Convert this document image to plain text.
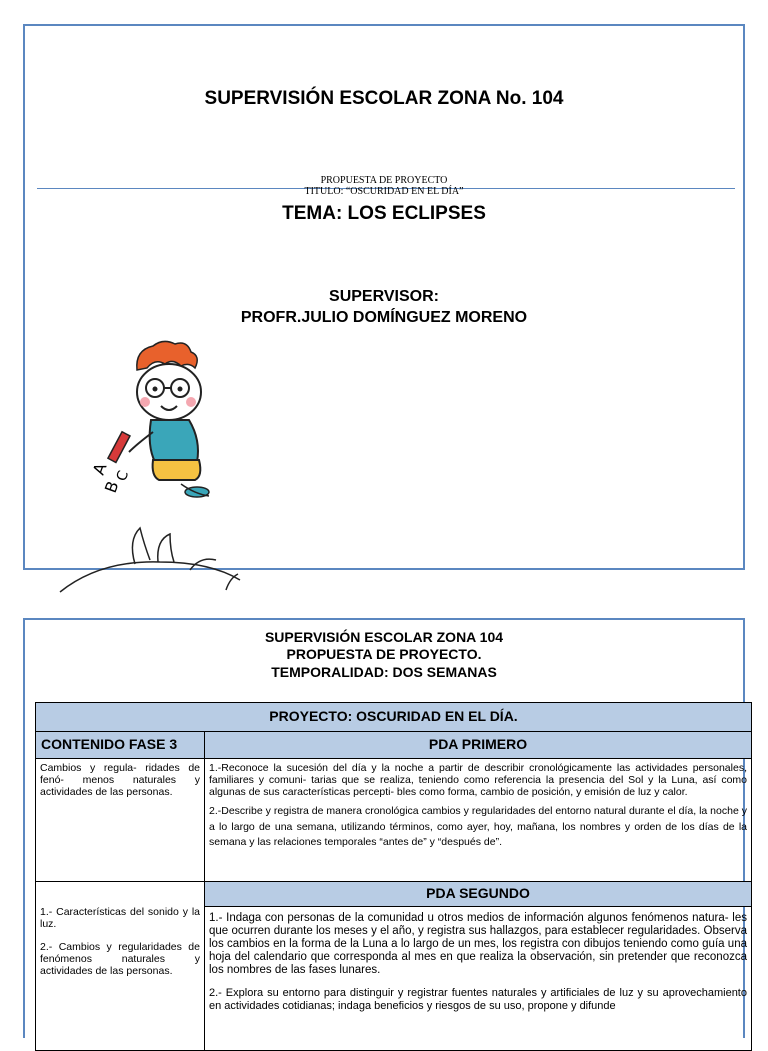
SUPERVISIÓN ESCOLAR ZONA No. 104
PROPUESTA DE PROYECTO
TITULO: “OSCURIDAD EN EL DÍA”
TEMA: LOS ECLIPSES
SUPERVISOR:
PROFR.JULIO DOMÍNGUEZ MORENO
A
B
C
SUPERVISIÓN ESCOLAR ZONA 104
PROPUESTA DE PROYECTO.
TEMPORALIDAD: DOS SEMANAS
PROYECTO: OSCURIDAD EN EL DÍA.
CONTENIDO FASE 3	PDA PRIMERO
Cambios y regula- ridades de fenó- menos naturales y actividades de las personas.
1.-Reconoce la sucesión del día y la noche a partir de describir cronológicamente las actividades personales, familiares y comuni- tarias que se realiza, teniendo como referencia la presencia del Sol y la Luna, así como algunas de sus características percepti- bles como forma, cambio de posición, y emisión de luz y calor.
2.-Describe y registra de manera cronológica cambios y regularidades del entorno natural durante el día, la noche y a lo largo de una semana, utilizando términos, como ayer, hoy, mañana, los nombres y orden de los días de la semana y las relaciones temporales “antes de” y “después de”.
1.- Características del sonido y la luz.
2.- Cambios y regularidades de fenómenos naturales y actividades de las personas.
PDA SEGUNDO
1.- Indaga con personas de la comunidad u otros medios de información algunos fenómenos natura- les que ocurren durante los meses y el año, y registra sus hallazgos, para establecer regularidades. Observa los cambios en la forma de la Luna a lo largo de un mes, los registra con dibujos teniendo como guía una hoja del calendario que corresponda al mes en que realiza la observación, sin pretender que reconozca los nombres de las fases lunares.
2.- Explora su entorno para distinguir y registrar fuentes naturales y artificiales de luz y su aprovechamiento en actividades cotidianas; indaga beneficios y riesgos de su uso, propone y difunde
